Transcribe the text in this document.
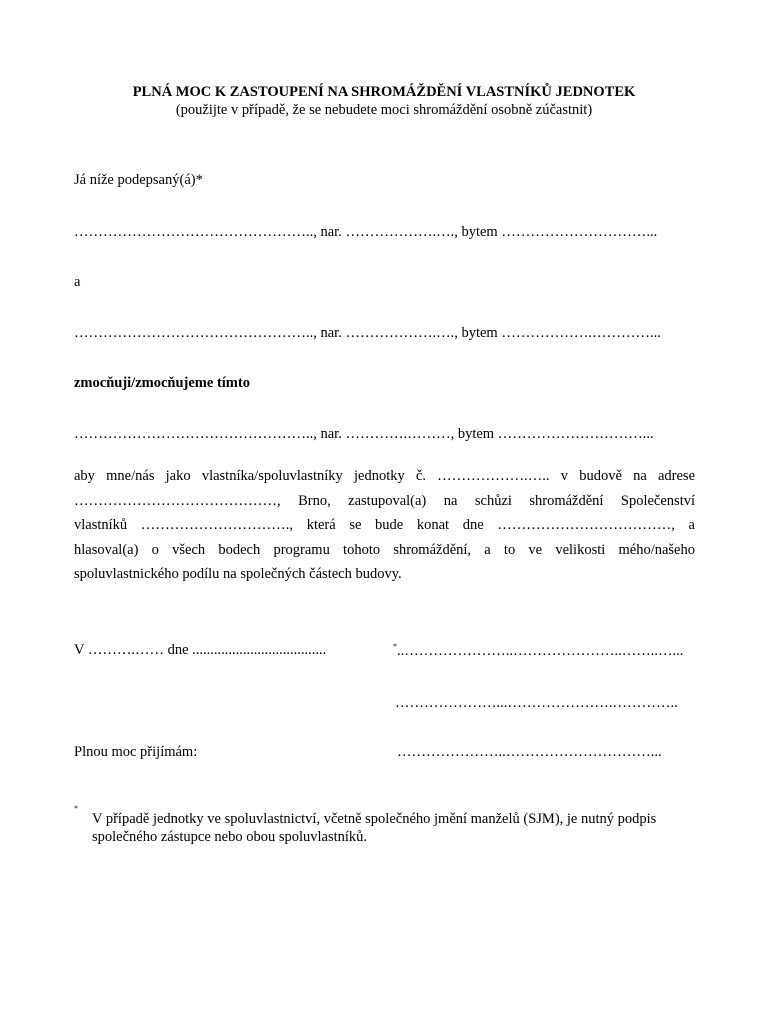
PLNÁ MOC K ZASTOUPENÍ NA SHROMÁŽDĚNÍ VLASTNÍKŮ JEDNOTEK
(použijte v případě, že se nebudete moci shromáždění osobně zúčastnit)
Já níže podepsaný(á)*
………………………………………….., nar. ……………….…., bytem …………………………...
a
………………………………………….., nar. ……………….…., bytem ……………….…………...
zmocňuji/zmocňujeme tímto
………………………………………….., nar. ………….………, bytem …………………………...
aby mne/nás jako vlastníka/spoluvlastníky jednotky č. ……………….….. v budově na adrese
……………………………………, Brno, zastupoval(a) na schůzi shromáždění Společenství
vlastníků …………………………., která se bude konat dne ………………………………, a
hlasoval(a) o všech bodech programu tohoto shromáždění, a to ve velikosti mého/našeho
spoluvlastnického podílu na společných částech budovy.
V ……….…… dne .....................................	*..…………………..…………………..……..…...
…………………...………………….…………..
Plnou moc přijímám:	…………………..…………………………...
*
V případě jednotky ve spoluvlastnictví, včetně společného jmění manželů (SJM), je nutný podpis společného zástupce nebo obou spoluvlastníků.
